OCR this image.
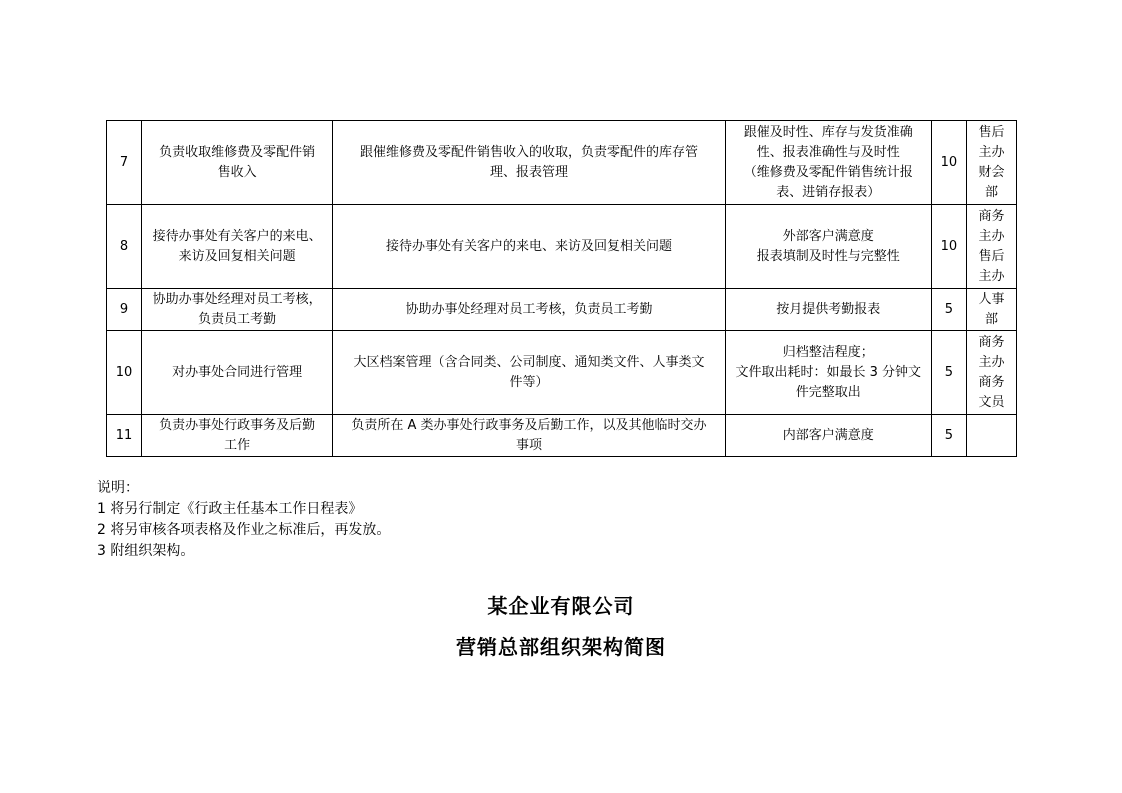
7	负责收取维修费及零配件销
售收入	跟催维修费及零配件销售收入的收取，负责零配件的库存管
理、报表管理	跟催及时性、库存与发货准确
性、报表准确性与及时性
（维修费及零配件销售统计报
表、进销存报表）	10	售后
主办
财会
部
8	接待办事处有关客户的来电、
来访及回复相关问题	接待办事处有关客户的来电、来访及回复相关问题	外部客户满意度
报表填制及时性与完整性	10	商务
主办
售后
主办
9	协助办事处经理对员工考核，
负责员工考勤	协助办事处经理对员工考核，负责员工考勤	按月提供考勤报表	5	人事
部
10	对办事处合同进行管理	大区档案管理（含合同类、公司制度、通知类文件、人事类文
件等）	归档整洁程度；
文件取出耗时：如最长 3 分钟文
件完整取出	5	商务
主办
商务
文员
11	负责办事处行政事务及后勤
工作	负责所在 A 类办事处行政事务及后勤工作，以及其他临时交办
事项	内部客户满意度	5	
说明：
1 将另行制定《行政主任基本工作日程表》
2 将另审核各项表格及作业之标准后，再发放。
3 附组织架构。
某企业有限公司
营销总部组织架构简图
